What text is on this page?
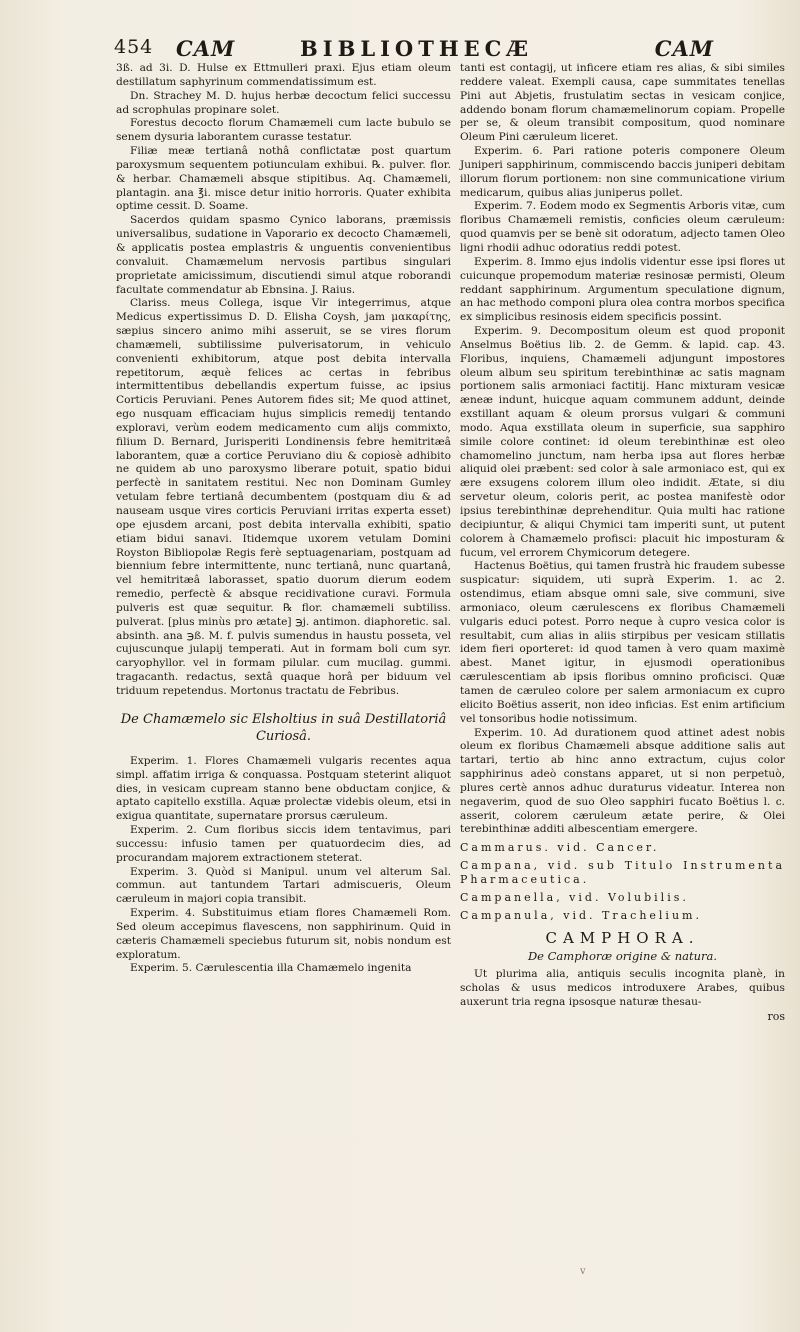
454 CAM	BIBLIOTHECÆ	CAM

3ß. ad 3i. D. Hulse ex Ettmulleri praxi. Ejus etiam oleum destillatum saphyrinum commendatissimum est.

Dn. Strachey M. D. hujus herbæ decoctum felici successu ad scrophulas propinare solet.

Forestus decocto florum Chamæmeli cum lacte bubulo se senem dysuria laborantem curasse testatur.

Filiæ meæ tertianâ nothâ conflictatæ post quartum paroxysmum sequentem potiunculam exhibui. ℞. pulver. flor. & herbar. Chamæmeli absque stipitibus. Aq. Chamæmeli, plantagin. ana ℥i. misce detur initio horroris. Quater exhibita optime cessit. D. Soame.

Sacerdos quidam spasmo Cynico laborans, præmissis universalibus, sudatione in Vaporario ex decocto Chamæmeli, & applicatis postea emplastris & unguentis convenientibus convaluit. Chamæmelum nervosis partibus singulari proprietate amicissimum, discutiendi simul atque roborandi facultate commendatur ab Ebnsina. J. Raius.

Clariss. meus Collega, isque Vir integerrimus, atque Medicus expertissimus D. D. Elisha Coysh, jam μακαρίτης, sæpius sincero animo mihi asseruit, se se vires florum chamæmeli, subtilissime pulverisatorum, in vehiculo convenienti exhibitorum, atque post debita intervalla repetitorum, æquè felices ac certas in febribus intermittentibus debellandis expertum fuisse, ac ipsius Corticis Peruviani. Penes Autorem fides sit; Me quod attinet, ego nusquam efficaciam hujus simplicis remedij tentando exploravi, verùm eodem medicamento cum alijs commixto, filium D. Bernard, Jurisperiti Londinensis febre hemitritæâ laborantem, quæ a cortice Peruviano diu & copiosè adhibito ne quidem ab uno paroxysmo liberare potuit, spatio bidui perfectè in sanitatem restitui. Nec non Dominam Gumley vetulam febre tertianâ decumbentem (postquam diu & ad nauseam usque vires corticis Peruviani irritas experta esset) ope ejusdem arcani, post debita intervalla exhibiti, spatio etiam bidui sanavi. Itidemque uxorem vetulam Domini Royston Bibliopolæ Regis ferè septuagenariam, postquam ad biennium febre intermittente, nunc tertianâ, nunc quartanâ, vel hemitritæâ laborasset, spatio duorum dierum eodem remedio, perfectè & absque recidivatione curavi. Formula pulveris est quæ sequitur. ℞ flor. chamæmeli subtiliss. pulverat. [plus minùs pro ætate] ℈j. antimon. diaphoretic. sal. absinth. ana ℈ß. M. f. pulvis sumendus in haustu posseta, vel cujuscunque julapij temperati. Aut in formam boli cum syr. caryophyllor. vel in formam pilular. cum mucilag. gummi. tragacanth. redactus, sextâ quaque horâ per biduum vel triduum repetendus. Mortonus tractatu de Febribus.

De Chamæmelo sic Elsholtius in suâ Destillatoriâ Curiosâ.

Experim. 1. Flores Chamæmeli vulgaris recentes aqua simpl. affatim irriga & conquassa. Postquam steterint aliquot dies, in vesicam cupream stanno bene obductam conjice, & aptato capitello exstilla. Aquæ prolectæ videbis oleum, etsi in exigua quantitate, supernatare prorsus cæruleum.

Experim. 2. Cum floribus siccis idem tentavimus, pari successu: infusio tamen per quatuordecim dies, ad procurandam majorem extractionem steterat.

Experim. 3. Quòd si Manipul. unum vel alterum Sal. commun. aut tantundem Tartari admiscueris, Oleum cæruleum in majori copia transibit.

Experim. 4. Substituimus etiam flores Chamæmeli Rom. Sed oleum accepimus flavescens, non sapphirinum. Quid in cæteris Chamæmeli speciebus futurum sit, nobis nondum est exploratum.

Experim. 5. Cærulescentia illa Chamæmelo ingenita

tanti est contagij, ut inficere etiam res alias, & sibi similes reddere valeat. Exempli causa, cape summitates tenellas Pini aut Abjetis, frustulatim sectas in vesicam conjice, addendo bonam florum chamæmelinorum copiam. Propelle per se, & oleum transibit compositum, quod nominare Oleum Pini cæruleum liceret.

Experim. 6. Pari ratione poteris componere Oleum Juniperi sapphirinum, commiscendo baccis juniperi debitam illorum florum portionem: non sine communicatione virium medicarum, quibus alias juniperus pollet.

Experim. 7. Eodem modo ex Segmentis Arboris vitæ, cum floribus Chamæmeli remistis, conficies oleum cæruleum: quod quamvis per se benè sit odoratum, adjecto tamen Oleo ligni rhodii adhuc odoratius reddi potest.

Experim. 8. Immo ejus indolis videntur esse ipsi flores ut cuicunque propemodum materiæ resinosæ permisti, Oleum reddant sapphirinum. Argumentum speculatione dignum, an hac methodo componi plura olea contra morbos specifica ex simplicibus resinosis eidem specificis possint.

Experim. 9. Decompositum oleum est quod proponit Anselmus Boëtius lib. 2. de Gemm. & lapid. cap. 43. Floribus, inquiens, Chamæmeli adjungunt impostores oleum album seu spiritum terebinthinæ ac satis magnam portionem salis armoniaci factitij. Hanc mixturam vesicæ æneæ indunt, huicque aquam communem addunt, deinde exstillant aquam & oleum prorsus vulgari & communi modo. Aqua exstillata oleum in superficie, sua sapphiro simile colore continet: id oleum terebinthinæ est oleo chamomelino junctum, nam herba ipsa aut flores herbæ aliquid olei præbent: sed color à sale armoniaco est, qui ex ære exsugens colorem illum oleo indidit. Ætate, si diu servetur oleum, coloris perit, ac postea manifestè odor ipsius terebinthinæ deprehenditur. Quia multi hac ratione decipiuntur, & aliqui Chymici tam imperiti sunt, ut putent colorem à Chamæmelo profisci: placuit hic imposturam & fucum, vel errorem Chymicorum detegere.

Hactenus Boëtius, qui tamen frustrà hic fraudem subesse suspicatur: siquidem, uti suprà Experim. 1. ac 2. ostendimus, etiam absque omni sale, sive communi, sive armoniaco, oleum cærulescens ex floribus Chamæmeli vulgaris educi potest. Porro neque à cupro vesica color is resultabit, cum alias in aliis stirpibus per vesicam stillatis idem fieri oporteret: id quod tamen à vero quam maximè abest. Manet igitur, in ejusmodi operationibus cærulescentiam ab ipsis floribus omnino proficisci. Quæ tamen de cæruleo colore per salem armoniacum ex cupro elicito Boëtius asserit, non ideo inficias. Est enim artificium vel tonsoribus hodie notissimum.

Experim. 10. Ad durationem quod attinet adest nobis oleum ex floribus Chamæmeli absque additione salis aut tartari, tertio ab hinc anno extractum, cujus color sapphirinus adeò constans apparet, ut si non perpetuò, plures certè annos adhuc duraturus videatur. Interea non negaverim, quod de suo Oleo sapphiri fucato Boëtius l. c. asserit, colorem cæruleum ætate perire, & Olei terebinthinæ additi albescentiam emergere.

Cammarus. vid. Cancer.

Campana, vid. sub Titulo Instrumenta Pharmaceutica.

Campanella, vid. Volubilis.

Campanula, vid. Trachelium.

CAMPHORA.

De Camphoræ origine & natura.

Ut plurima alia, antiquis seculis incognita planè, in scholas & usus medicos introduxere Arabes, quibus auxerunt tria regna ipsosque naturæ thesau-

ros

v
